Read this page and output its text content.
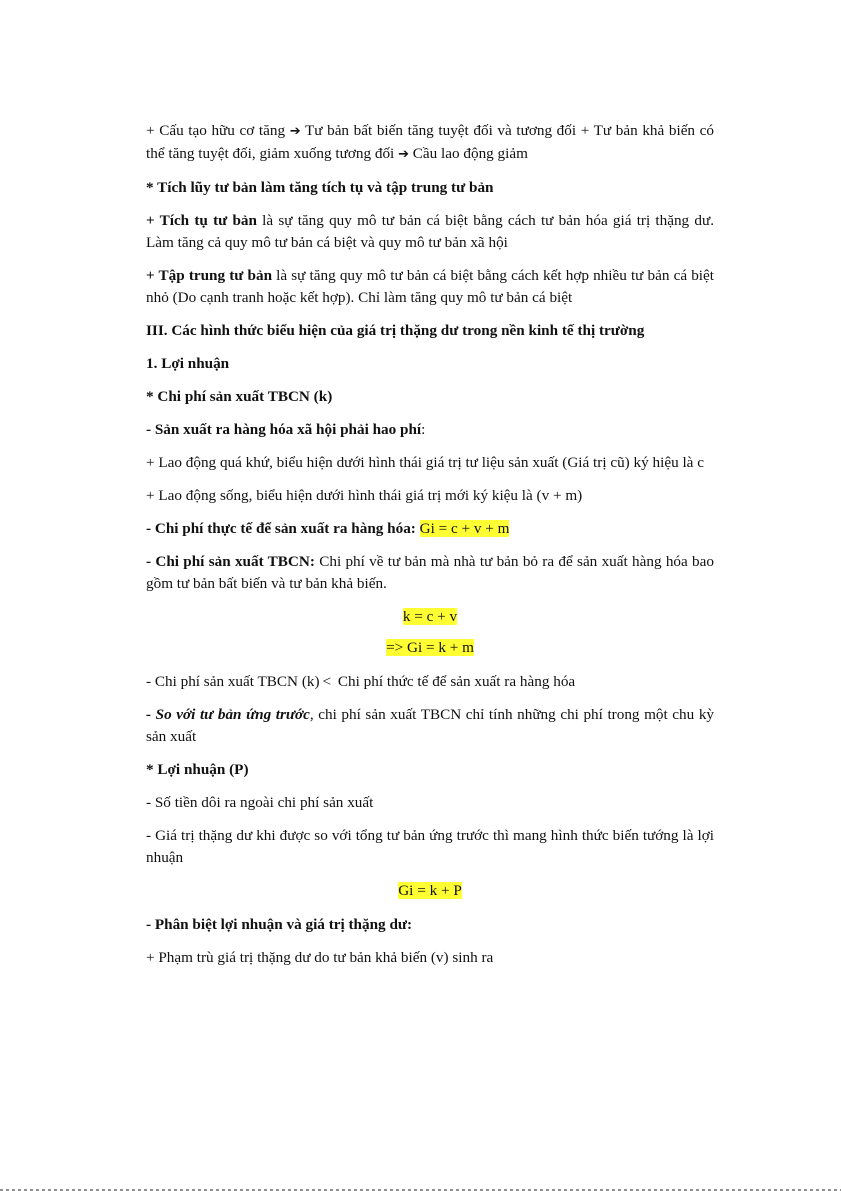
+ Cấu tạo hữu cơ tăng ➔ Tư bản bất biến tăng tuyệt đối và tương đối + Tư bản khả biến có thể tăng tuyệt đối, giảm xuống tương đối ➔ Cầu lao động giảm

* Tích lũy tư bản làm tăng tích tụ và tập trung tư bản

+ Tích tụ tư bản là sự tăng quy mô tư bản cá biệt bằng cách tư bản hóa giá trị thặng dư. Làm tăng cả quy mô tư bản cá biệt và quy mô tư bản xã hội

+ Tập trung tư bản là sự tăng quy mô tư bản cá biệt bằng cách kết hợp nhiều tư bản cá biệt nhỏ (Do cạnh tranh hoặc kết hợp). Chỉ làm tăng quy mô tư bản cá biệt

III. Các hình thức biểu hiện của giá trị thặng dư trong nền kinh tế thị trường

1. Lợi nhuận

* Chi phí sản xuất TBCN (k)

- Sản xuất ra hàng hóa xã hội phải hao phí:

+ Lao động quá khứ, biểu hiện dưới hình thái giá trị tư liệu sản xuất (Giá trị cũ) ký hiệu là c

+ Lao động sống, biểu hiện dưới hình thái giá trị mới ký kiệu là (v + m)

- Chi phí thực tế để sản xuất ra hàng hóa: Gi = c + v + m

- Chi phí sản xuất TBCN: Chi phí về tư bản mà nhà tư bản bỏ ra để sản xuất hàng hóa bao gồm tư bản bất biến và tư bản khả biến.

k = c + v

=> Gi = k + m

- Chi phí sản xuất TBCN (k) < Chi phí thức tế để sản xuất ra hàng hóa

- So với tư bản ứng trước, chi phí sản xuất TBCN chỉ tính những chi phí trong một chu kỳ sản xuất

* Lợi nhuận (P)

- Số tiền dôi ra ngoài chi phí sản xuất

- Giá trị thặng dư khi được so với tổng tư bản ứng trước thì mang hình thức biến tướng là lợi nhuận

Gi = k + P

- Phân biệt lợi nhuận và giá trị thặng dư:

+ Phạm trù giá trị thặng dư do tư bản khả biến (v) sinh ra
